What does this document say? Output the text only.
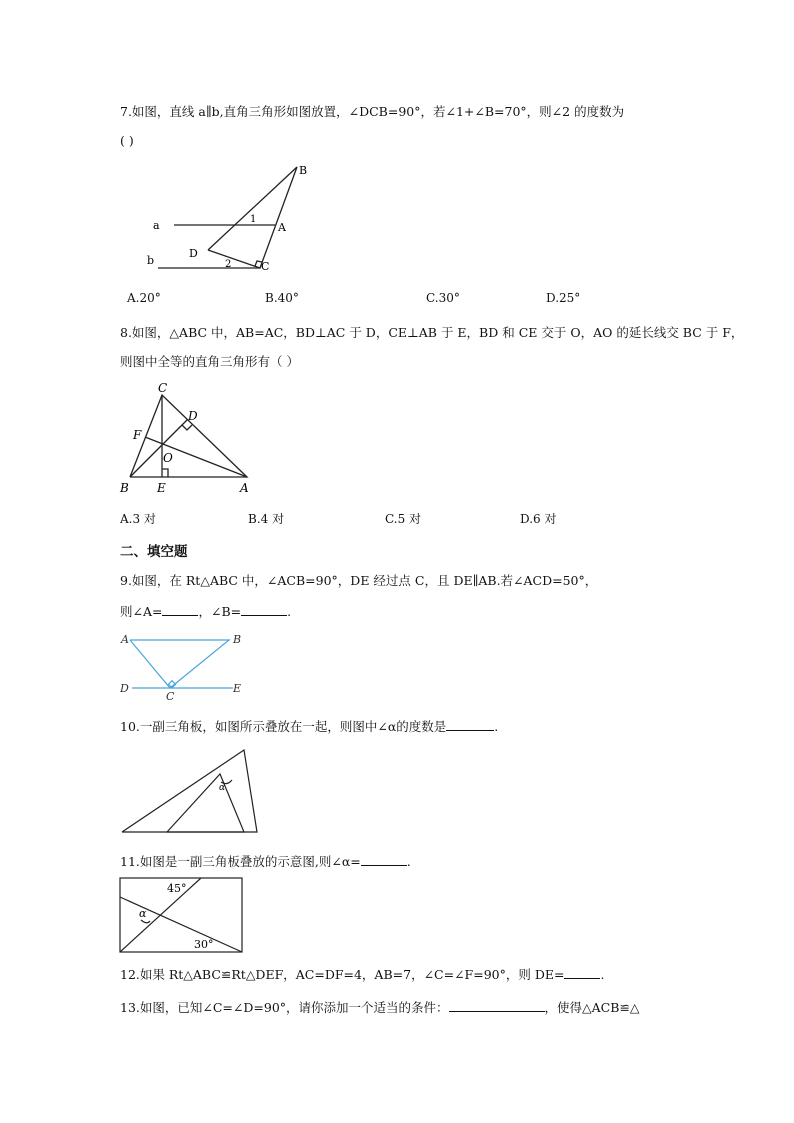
7.如图，直线 a∥b,直角三角形如图放置，∠DCB=90°，若∠1+∠B=70°，则∠2 的度数为
( )
B
A
C
D
a
b
1
2
A.20°	B.40°	C.30°	D.25°
8.如图，△ABC 中，AB=AC，BD⊥AC 于 D，CE⊥AB 于 E，BD 和 CE 交于 O，AO 的延长线交 BC 于 F，
则图中全等的直角三角形有（ ）
C
D
F
O
B E	A
A.3 对	B.4 对	C.5 对	D.6 对
二、填空题
9.如图，在 Rt△ABC 中，∠ACB=90°，DE 经过点 C，且 DE∥AB.若∠ACD=50°，
则∠A=	，∠B=	.
A	B
D
C
E
10.一副三角板，如图所示叠放在一起，则图中∠α的度数是	.
α
11.如图是一副三角板叠放的示意图,则∠α=	.
45°
α
30°
12.如果 Rt△ABC≌Rt△DEF，AC=DF=4，AB=7，∠C=∠F=90°，则 DE=	.
13.如图，已知∠C=∠D=90°，请你添加一个适当的条件：	，使得△ACB≌△
